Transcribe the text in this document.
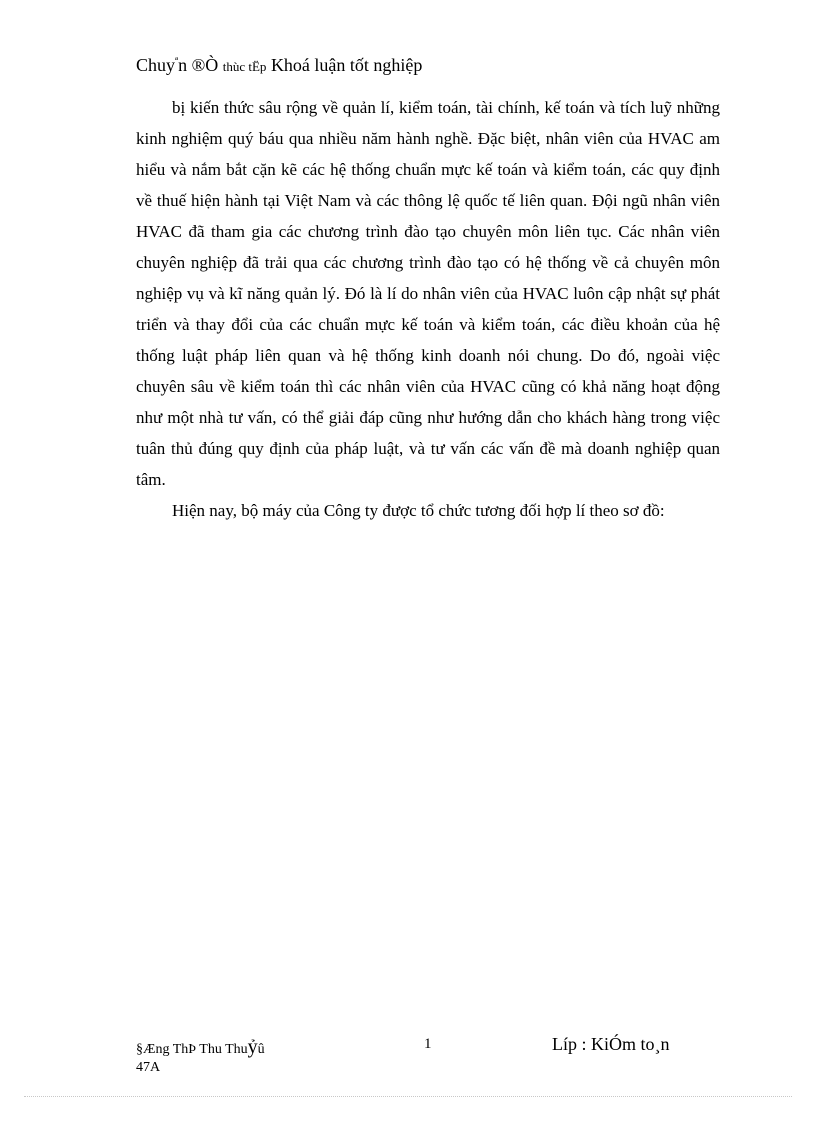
Chuy$^ª$n ®Ò thùc tËp Khoá luận tốt nghiệp

bị kiến thức sâu rộng về quản lí, kiểm toán, tài chính, kế toán và tích luỹ những kinh nghiệm quý báu qua nhiều năm hành nghề. Đặc biệt, nhân viên của HVAC am hiểu và nắm bắt cặn kẽ các hệ thống chuẩn mực kế toán và kiểm toán, các quy định về thuế hiện hành tại Việt Nam và các thông lệ quốc tế liên quan. Đội ngũ nhân viên HVAC đã tham gia các chương trình đào tạo chuyên môn liên tục. Các nhân viên chuyên nghiệp đã trải qua các chương trình đào tạo có hệ thống về cả chuyên môn nghiệp vụ và kĩ năng quản lý. Đó là lí do nhân viên của HVAC luôn cập nhật sự phát triển và thay đổi của các chuẩn mực kế toán và kiểm toán, các điều khoản của hệ thống luật pháp liên quan và hệ thống kinh doanh nói chung. Do đó, ngoài việc chuyên sâu về kiểm toán thì các nhân viên của HVAC cũng có khả năng hoạt động như một nhà tư vấn, có thể giải đáp cũng như hướng dẫn cho khách hàng trong việc tuân thủ đúng quy định của pháp luật, và tư vấn các vấn đề mà doanh nghiệp quan tâm.

Hiện nay, bộ máy của Công ty được tổ chức tương đối hợp lí theo sơ đồ:

§Æng ThÞ Thu Thuỷû
47A
1	Líp : KiÓm to¸n
